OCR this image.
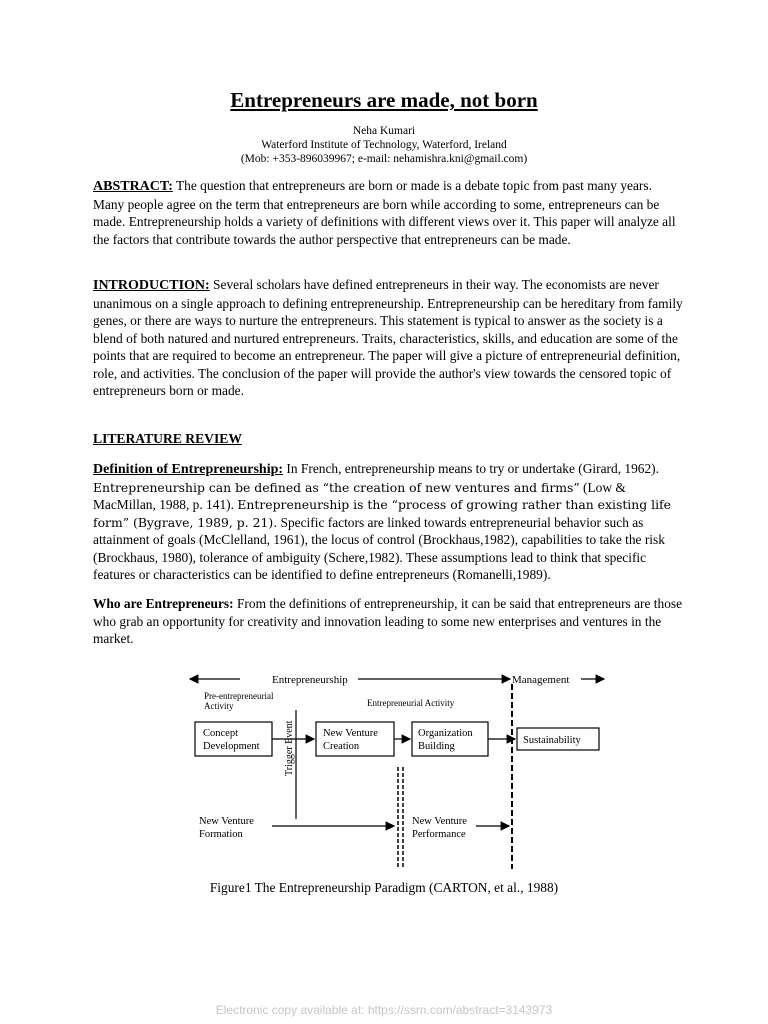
Entrepreneurs are made, not born
Neha Kumari
Waterford Institute of Technology, Waterford, Ireland
(Mob: +353-896039967; e-mail: nehamishra.kni@gmail.com)

ABSTRACT: The question that entrepreneurs are born or made is a debate topic from past many years. Many people agree on the term that entrepreneurs are born while according to some, entrepreneurs can be made. Entrepreneurship holds a variety of definitions with different views over it. This paper will analyze all the factors that contribute towards the author perspective that entrepreneurs can be made.

INTRODUCTION: Several scholars have defined entrepreneurs in their way. The economists are never unanimous on a single approach to defining entrepreneurship. Entrepreneurship can be hereditary from family genes, or there are ways to nurture the entrepreneurs. This statement is typical to answer as the society is a blend of both natured and nurtured entrepreneurs. Traits, characteristics, skills, and education are some of the points that are required to become an entrepreneur. The paper will give a picture of entrepreneurial definition, role, and activities. The conclusion of the paper will provide the author's view towards the censored topic of entrepreneurs born or made.

LITERATURE REVIEW

Definition of Entrepreneurship: In French, entrepreneurship means to try or undertake (Girard, 1962). Entrepreneurship can be defined as “the creation of new ventures and firms” (Low & MacMillan, 1988, p. 141). Entrepreneurship is the “process of growing rather than existing life form” (Bygrave, 1989, p. 21). Specific factors are linked towards entrepreneurial behavior such as attainment of goals (McClelland, 1961), the locus of control (Brockhaus,1982), capabilities to take the risk (Brockhaus, 1980), tolerance of ambiguity (Schere,1982). These assumptions lead to think that specific features or characteristics can be identified to define entrepreneurs (Romanelli,1989).

Who are Entrepreneurs: From the definitions of entrepreneurship, it can be said that entrepreneurs are those who grab an opportunity for creativity and innovation leading to some new enterprises and ventures in the market.

Entrepreneurship	Management
Pre-entrepreneurial
Activity	Entrepreneurial Activity
Trigger Event
Concept
Development
New Venture
Creation
Organization
Building
Sustainability
New Venture
Formation
New Venture
Performance
Figure1 The Entrepreneurship Paradigm (CARTON, et al., 1988)
Electronic copy available at: https://ssrn.com/abstract=3143973
